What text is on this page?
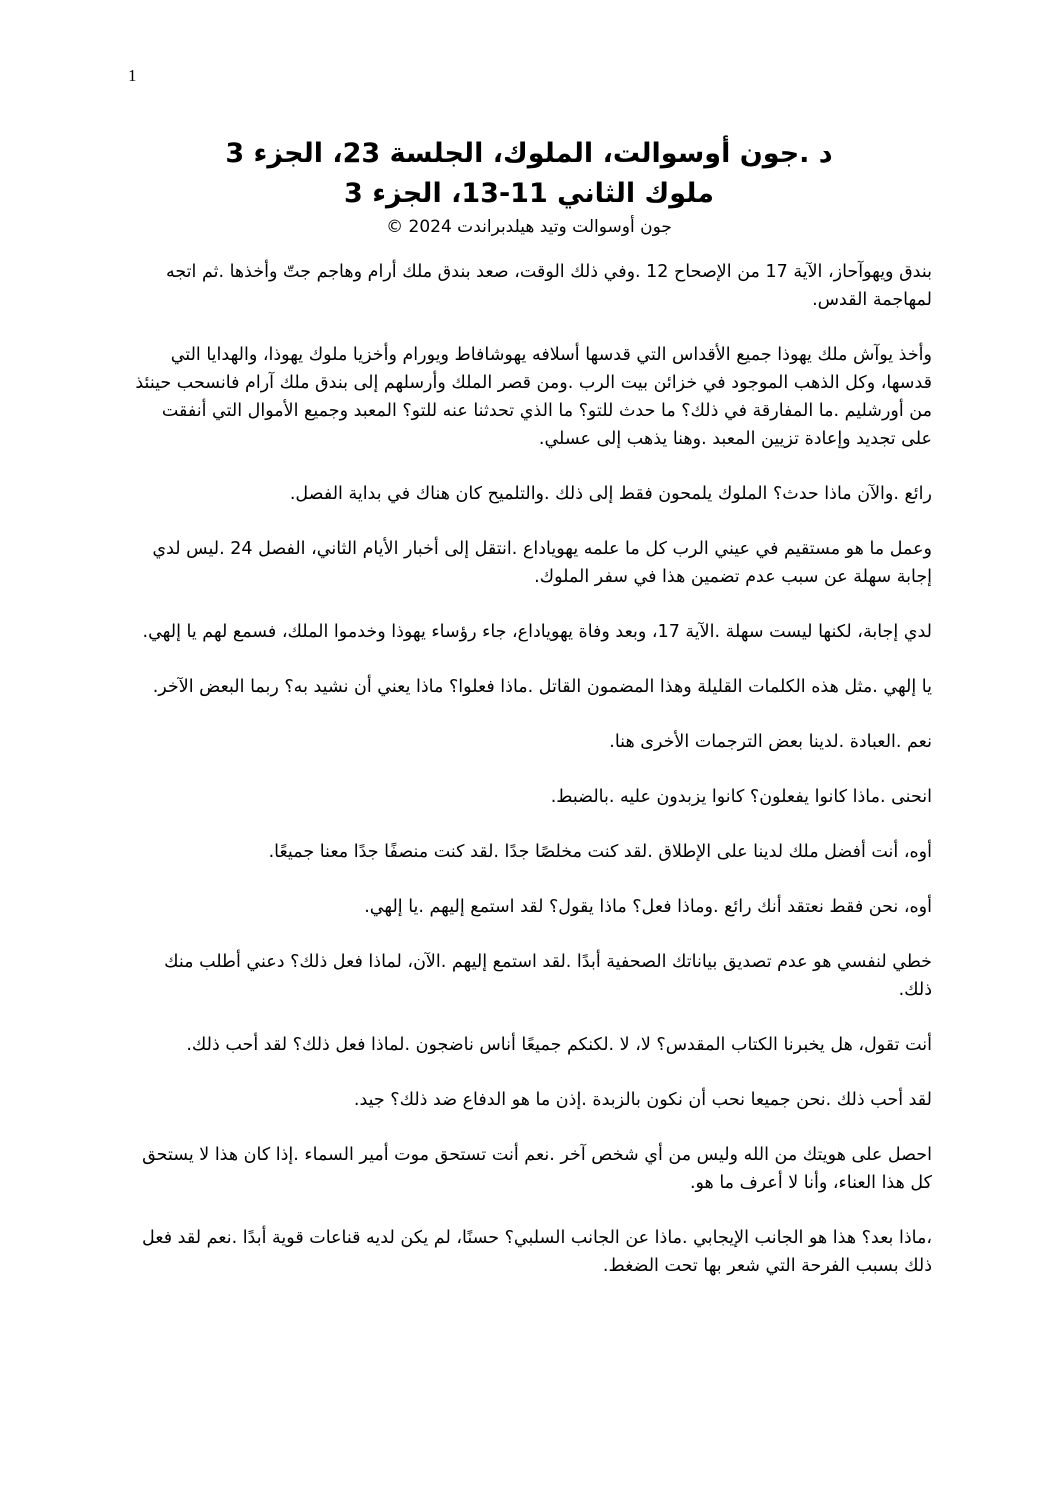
1

د .جون أوسوالت، الملوك، الجلسة 23، الجزء 3

ملوك الثاني 11-13، الجزء 3

جون أوسوالت وتيد هيلدبراندت 2024 ©

بندق ويهوآحاز، الآية 17 من الإصحاح 12 .وفي ذلك الوقت، صعد بندق ملك أرام وهاجم جتّ وأخذها .ثم اتجه لمهاجمة القدس.

وأخذ يوآش ملك يهوذا جميع الأقداس التي قدسها أسلافه يهوشافاط ويورام وأخزيا ملوك يهوذا، والهدايا التي قدسها، وكل الذهب الموجود في خزائن بيت الرب .ومن قصر الملك وأرسلهم إلى بندق ملك آرام فانسحب حينئذ من أورشليم .ما المفارقة في ذلك؟ ما حدث للتو؟ ما الذي تحدثنا عنه للتو؟ المعبد وجميع الأموال التي أنفقت على تجديد وإعادة تزيين المعبد .وهنا يذهب إلى عسلي.

رائع .والآن ماذا حدث؟ الملوك يلمحون فقط إلى ذلك .والتلميح كان هناك في بداية الفصل.

وعمل ما هو مستقيم في عيني الرب كل ما علمه يهوياداع .انتقل إلى أخبار الأيام الثاني، الفصل 24 .ليس لدي إجابة سهلة عن سبب عدم تضمين هذا في سفر الملوك.

لدي إجابة، لكنها ليست سهلة .الآية 17، وبعد وفاة يهوياداع، جاء رؤساء يهوذا وخدموا الملك، فسمع لهم يا إلهي.

يا إلهي .مثل هذه الكلمات القليلة وهذا المضمون القاتل .ماذا فعلوا؟ ماذا يعني أن نشيد به؟ ربما البعض الآخر.

نعم .العبادة .لدينا بعض الترجمات الأخرى هنا.

انحنى .ماذا كانوا يفعلون؟ كانوا يزبدون عليه .بالضبط.

أوه، أنت أفضل ملك لدينا على الإطلاق .لقد كنت مخلصًا جدًا .لقد كنت منصفًا جدًا معنا جميعًا.

أوه، نحن فقط نعتقد أنك رائع .وماذا فعل؟ ماذا يقول؟ لقد استمع إليهم .يا إلهي.

خطي لنفسي هو عدم تصديق بياناتك الصحفية أبدًا .لقد استمع إليهم .الآن، لماذا فعل ذلك؟ دعني أطلب منك ذلك.

أنت تقول، هل يخبرنا الكتاب المقدس؟ لا، لا .لكنكم جميعًا أناس ناضجون .لماذا فعل ذلك؟ لقد أحب ذلك.

لقد أحب ذلك .نحن جميعا نحب أن نكون بالزبدة .إذن ما هو الدفاع ضد ذلك؟ جيد.

احصل على هويتك من الله وليس من أي شخص آخر .نعم أنت تستحق موت أمير السماء .إذا كان هذا لا يستحق كل هذا العناء، وأنا لا أعرف ما هو.

،ماذا بعد؟ هذا هو الجانب الإيجابي .ماذا عن الجانب السلبي؟ حسنًا، لم يكن لديه قناعات قوية أبدًا .نعم لقد فعل ذلك بسبب الفرحة التي شعر بها تحت الضغط.
